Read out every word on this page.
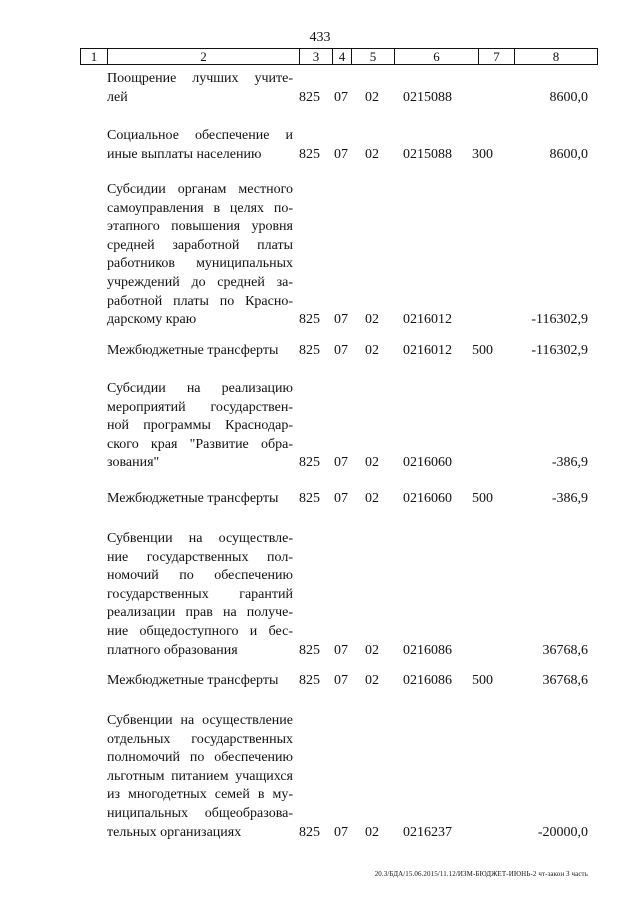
433
1	2	3	4	5	6	7	8
Поощрение лучших учите-
лей	825 07 02 0215088	8600,0
Социальное обеспечение и
иные выплаты населению	825 07 02 0215088 300	8600,0
Субсидии органам местного
самоуправления в целях по-
этапного повышения уровня
средней заработной платы
работников муниципальных
учреждений до средней за-
работной платы по Красно-
дарскому краю	825 07 02 0216012	-116302,9
Межбюджетные трансферты	825 07 02 0216012 500	-116302,9
Субсидии на реализацию
мероприятий государствен-
ной программы Краснодар-
ского края "Развитие обра-
зования"	825 07 02 0216060	-386,9
Межбюджетные трансферты	825 07 02 0216060 500	-386,9
Субвенции на осуществле-
ние государственных пол-
номочий по обеспечению
государственных гарантий
реализации прав на получе-
ние общедоступного и бес-
платного образования	825 07 02 0216086	36768,6
Межбюджетные трансферты	825 07 02 0216086 500	36768,6
Субвенции на осуществление
отдельных государственных
полномочий по обеспечению
льготным питанием учащихся
из многодетных семей в му-
ниципальных общеобразова-
тельных организациях	825 07 02 0216237	-20000,0
20.3/БДА/15.06.2015/11.12/ИЗМ-БЮДЖЕТ-ИЮНЬ-2 чт-закон 3 часть
